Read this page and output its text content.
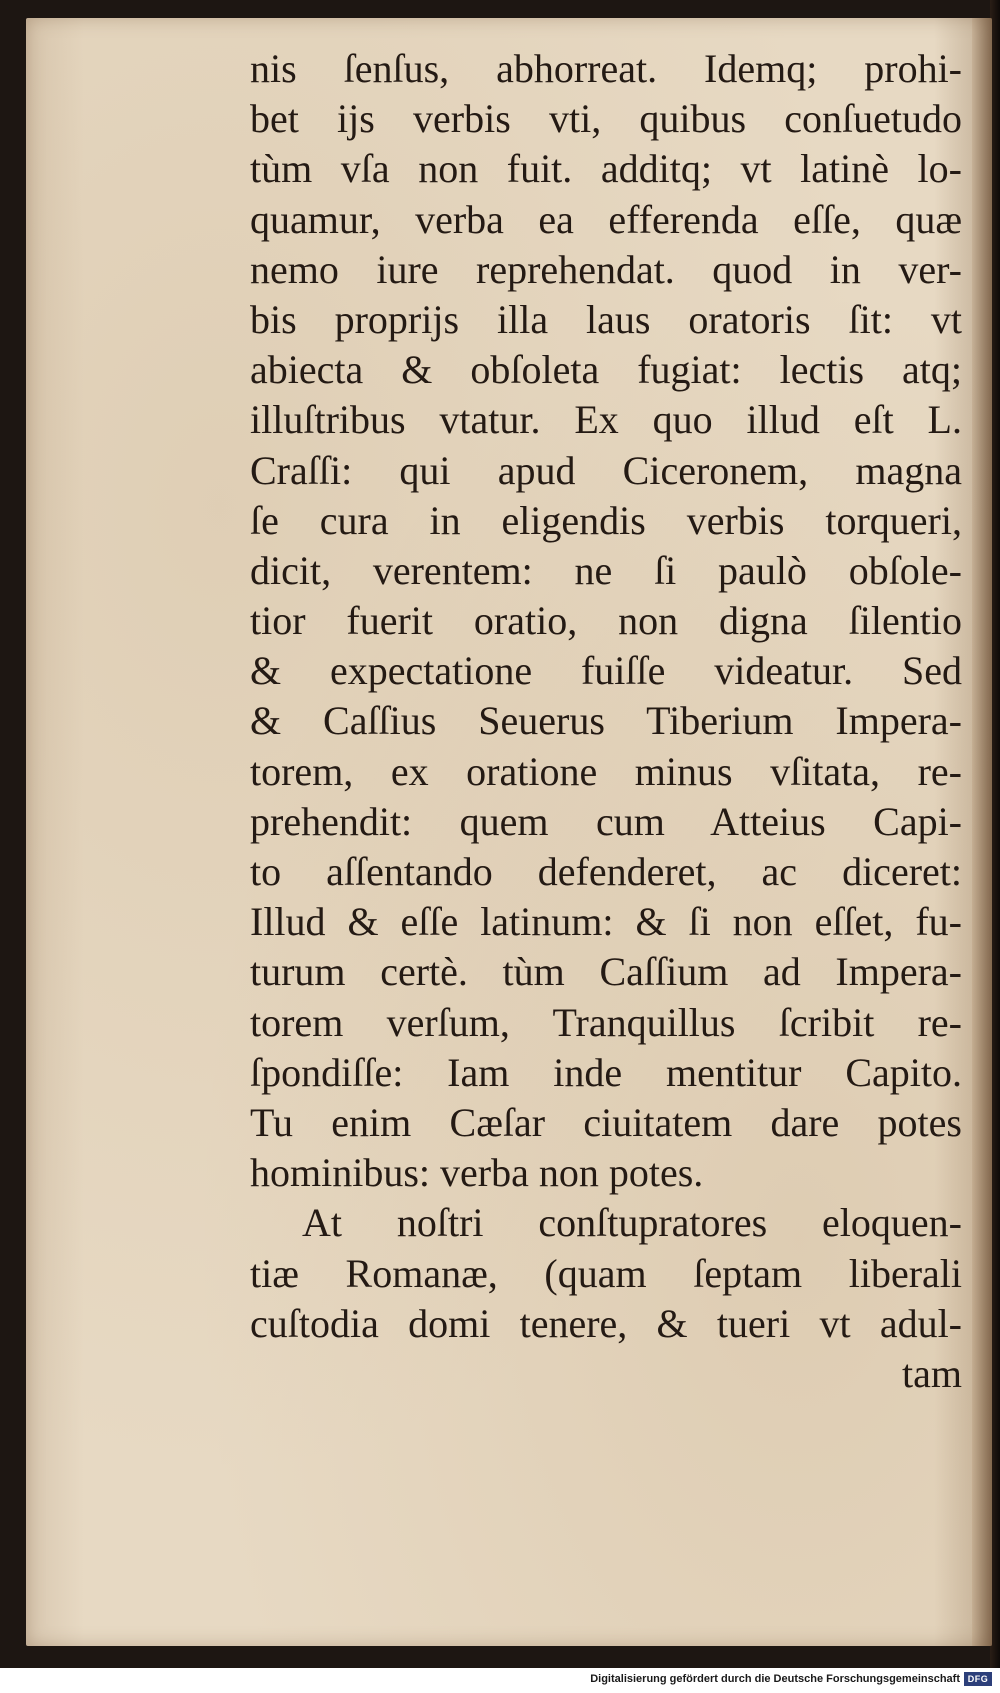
nis ſenſus, abhorreat. Idemq; prohi-
bet ijs verbis vti, quibus conſuetudo
tùm vſa non fuit. additq; vt latinè lo-
quamur, verba ea efferenda eſſe, quæ
nemo iure reprehendat. quod in ver-
bis proprijs illa laus oratoris ſit: vt
abiecta & obſoleta fugiat: lectis atq;
illuſtribus vtatur. Ex quo illud eſt L.
Craſſi: qui apud Ciceronem, magna
ſe cura in eligendis verbis torqueri,
dicit, verentem: ne ſi paulò obſole-
tior fuerit oratio, non digna ſilentio
& expectatione fuiſſe videatur. Sed
& Caſſius Seuerus Tiberium Impera-
torem, ex oratione minus vſitata, re-
prehendit: quem cum Atteius Capi-
to aſſentando defenderet, ac diceret:
Illud & eſſe latinum: & ſi non eſſet, fu-
turum certè. tùm Caſſium ad Impera-
torem verſum, Tranquillus ſcribit re-
ſpondiſſe: Iam inde mentitur Capito.
Tu enim Cæſar ciuitatem dare potes
hominibus: verba non potes.
At noſtri conſtupratores eloquen-
tiæ Romanæ, (quam ſeptam liberali
cuſtodia domi tenere, & tueri vt adul-
tam
Digitalisierung gefördert durch die Deutsche Forschungsgemeinschaft DFG
